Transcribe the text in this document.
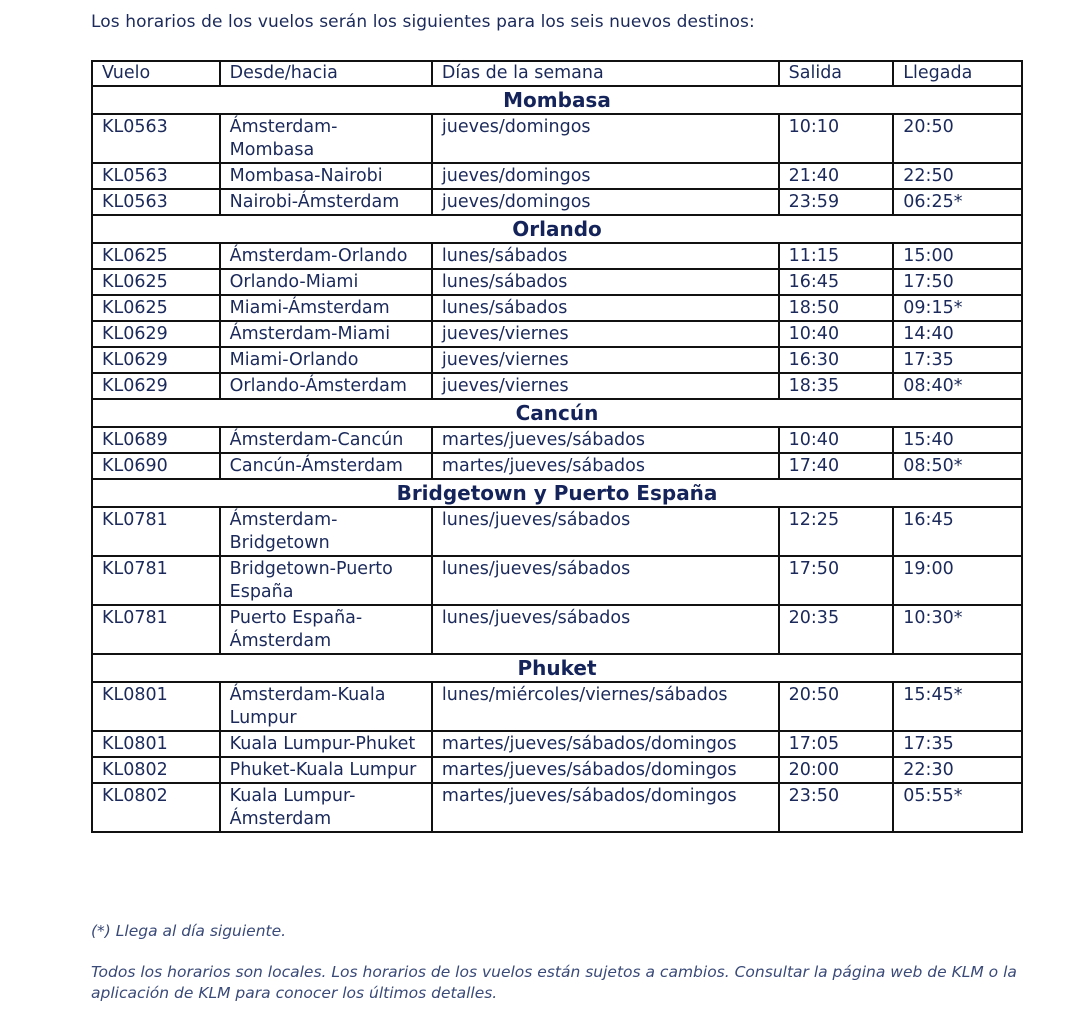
Los horarios de los vuelos serán los siguientes para los seis nuevos destinos:
Vuelo	Desde/hacia	Días de la semana	Salida	Llegada
Mombasa				
KL0563	Ámsterdam-Mombasa	jueves/domingos	10:10	20:50
KL0563	Mombasa-Nairobi	jueves/domingos	21:40	22:50
KL0563	Nairobi-Ámsterdam	jueves/domingos	23:59	06:25*
Orlando				
KL0625	Ámsterdam-Orlando	lunes/sábados	11:15	15:00
KL0625	Orlando-Miami	lunes/sábados	16:45	17:50
KL0625	Miami-Ámsterdam	lunes/sábados	18:50	09:15*
KL0629	Ámsterdam-Miami	jueves/viernes	10:40	14:40
KL0629	Miami-Orlando	jueves/viernes	16:30	17:35
KL0629	Orlando-Ámsterdam	jueves/viernes	18:35	08:40*
Cancún				
KL0689	Ámsterdam-Cancún	martes/jueves/sábados	10:40	15:40
KL0690	Cancún-Ámsterdam	martes/jueves/sábados	17:40	08:50*
Bridgetown y Puerto España				
KL0781	Ámsterdam-Bridgetown	lunes/jueves/sábados	12:25	16:45
KL0781	Bridgetown-Puerto España	lunes/jueves/sábados	17:50	19:00
KL0781	Puerto España-Ámsterdam	lunes/jueves/sábados	20:35	10:30*
Phuket				
KL0801	Ámsterdam-Kuala Lumpur	lunes/miércoles/viernes/sábados	20:50	15:45*
KL0801	Kuala Lumpur-Phuket	martes/jueves/sábados/domingos	17:05	17:35
KL0802	Phuket-Kuala Lumpur	martes/jueves/sábados/domingos	20:00	22:30
KL0802	Kuala Lumpur-Ámsterdam	martes/jueves/sábados/domingos	23:50	05:55*
(*) Llega al día siguiente.
Todos los horarios son locales. Los horarios de los vuelos están sujetos a cambios. Consultar la página web de KLM o la aplicación de KLM para conocer los últimos detalles.
